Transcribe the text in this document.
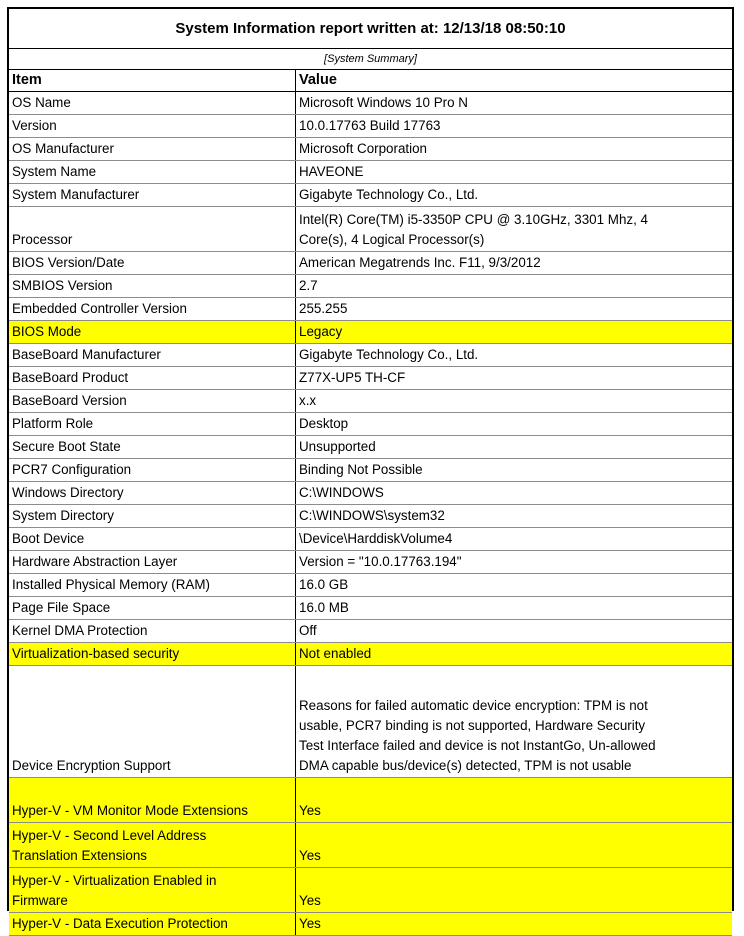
System Information report written at: 12/13/18 08:50:10
[System Summary]
Item	Value
OS Name	Microsoft Windows 10 Pro N
Version	10.0.17763 Build 17763
OS Manufacturer	Microsoft Corporation
System Name	HAVEONE
System Manufacturer	Gigabyte Technology Co., Ltd.
Processor	Intel(R) Core(TM) i5-3350P CPU @ 3.10GHz, 3301 Mhz, 4
Core(s), 4 Logical Processor(s)

BIOS Version/Date	American Megatrends Inc. F11, 9/3/2012
SMBIOS Version	2.7
Embedded Controller Version	255.255
BIOS Mode	Legacy
BaseBoard Manufacturer	Gigabyte Technology Co., Ltd.
BaseBoard Product	Z77X-UP5 TH-CF
BaseBoard Version	x.x
Platform Role	Desktop
Secure Boot State	Unsupported
PCR7 Configuration	Binding Not Possible
Windows Directory	C:\WINDOWS
System Directory	C:\WINDOWS\system32
Boot Device	\Device\HarddiskVolume4
Hardware Abstraction Layer	Version = "10.0.17763.194"
Installed Physical Memory (RAM)	16.0 GB
Page File Space	16.0 MB
Kernel DMA Protection	Off
Virtualization-based security	Not enabled
Device Encryption Support	Reasons for failed automatic device encryption: TPM is not
usable, PCR7 binding is not supported, Hardware Security
Test Interface failed and device is not InstantGo, Un-allowed
DMA capable bus/device(s) detected, TPM is not usable

Hyper-V - VM Monitor Mode Extensions	Yes

Hyper-V - Second Level Address
Translation Extensions	Yes

Hyper-V - Virtualization Enabled in
Firmware	Yes
Hyper-V - Data Execution Protection	Yes
